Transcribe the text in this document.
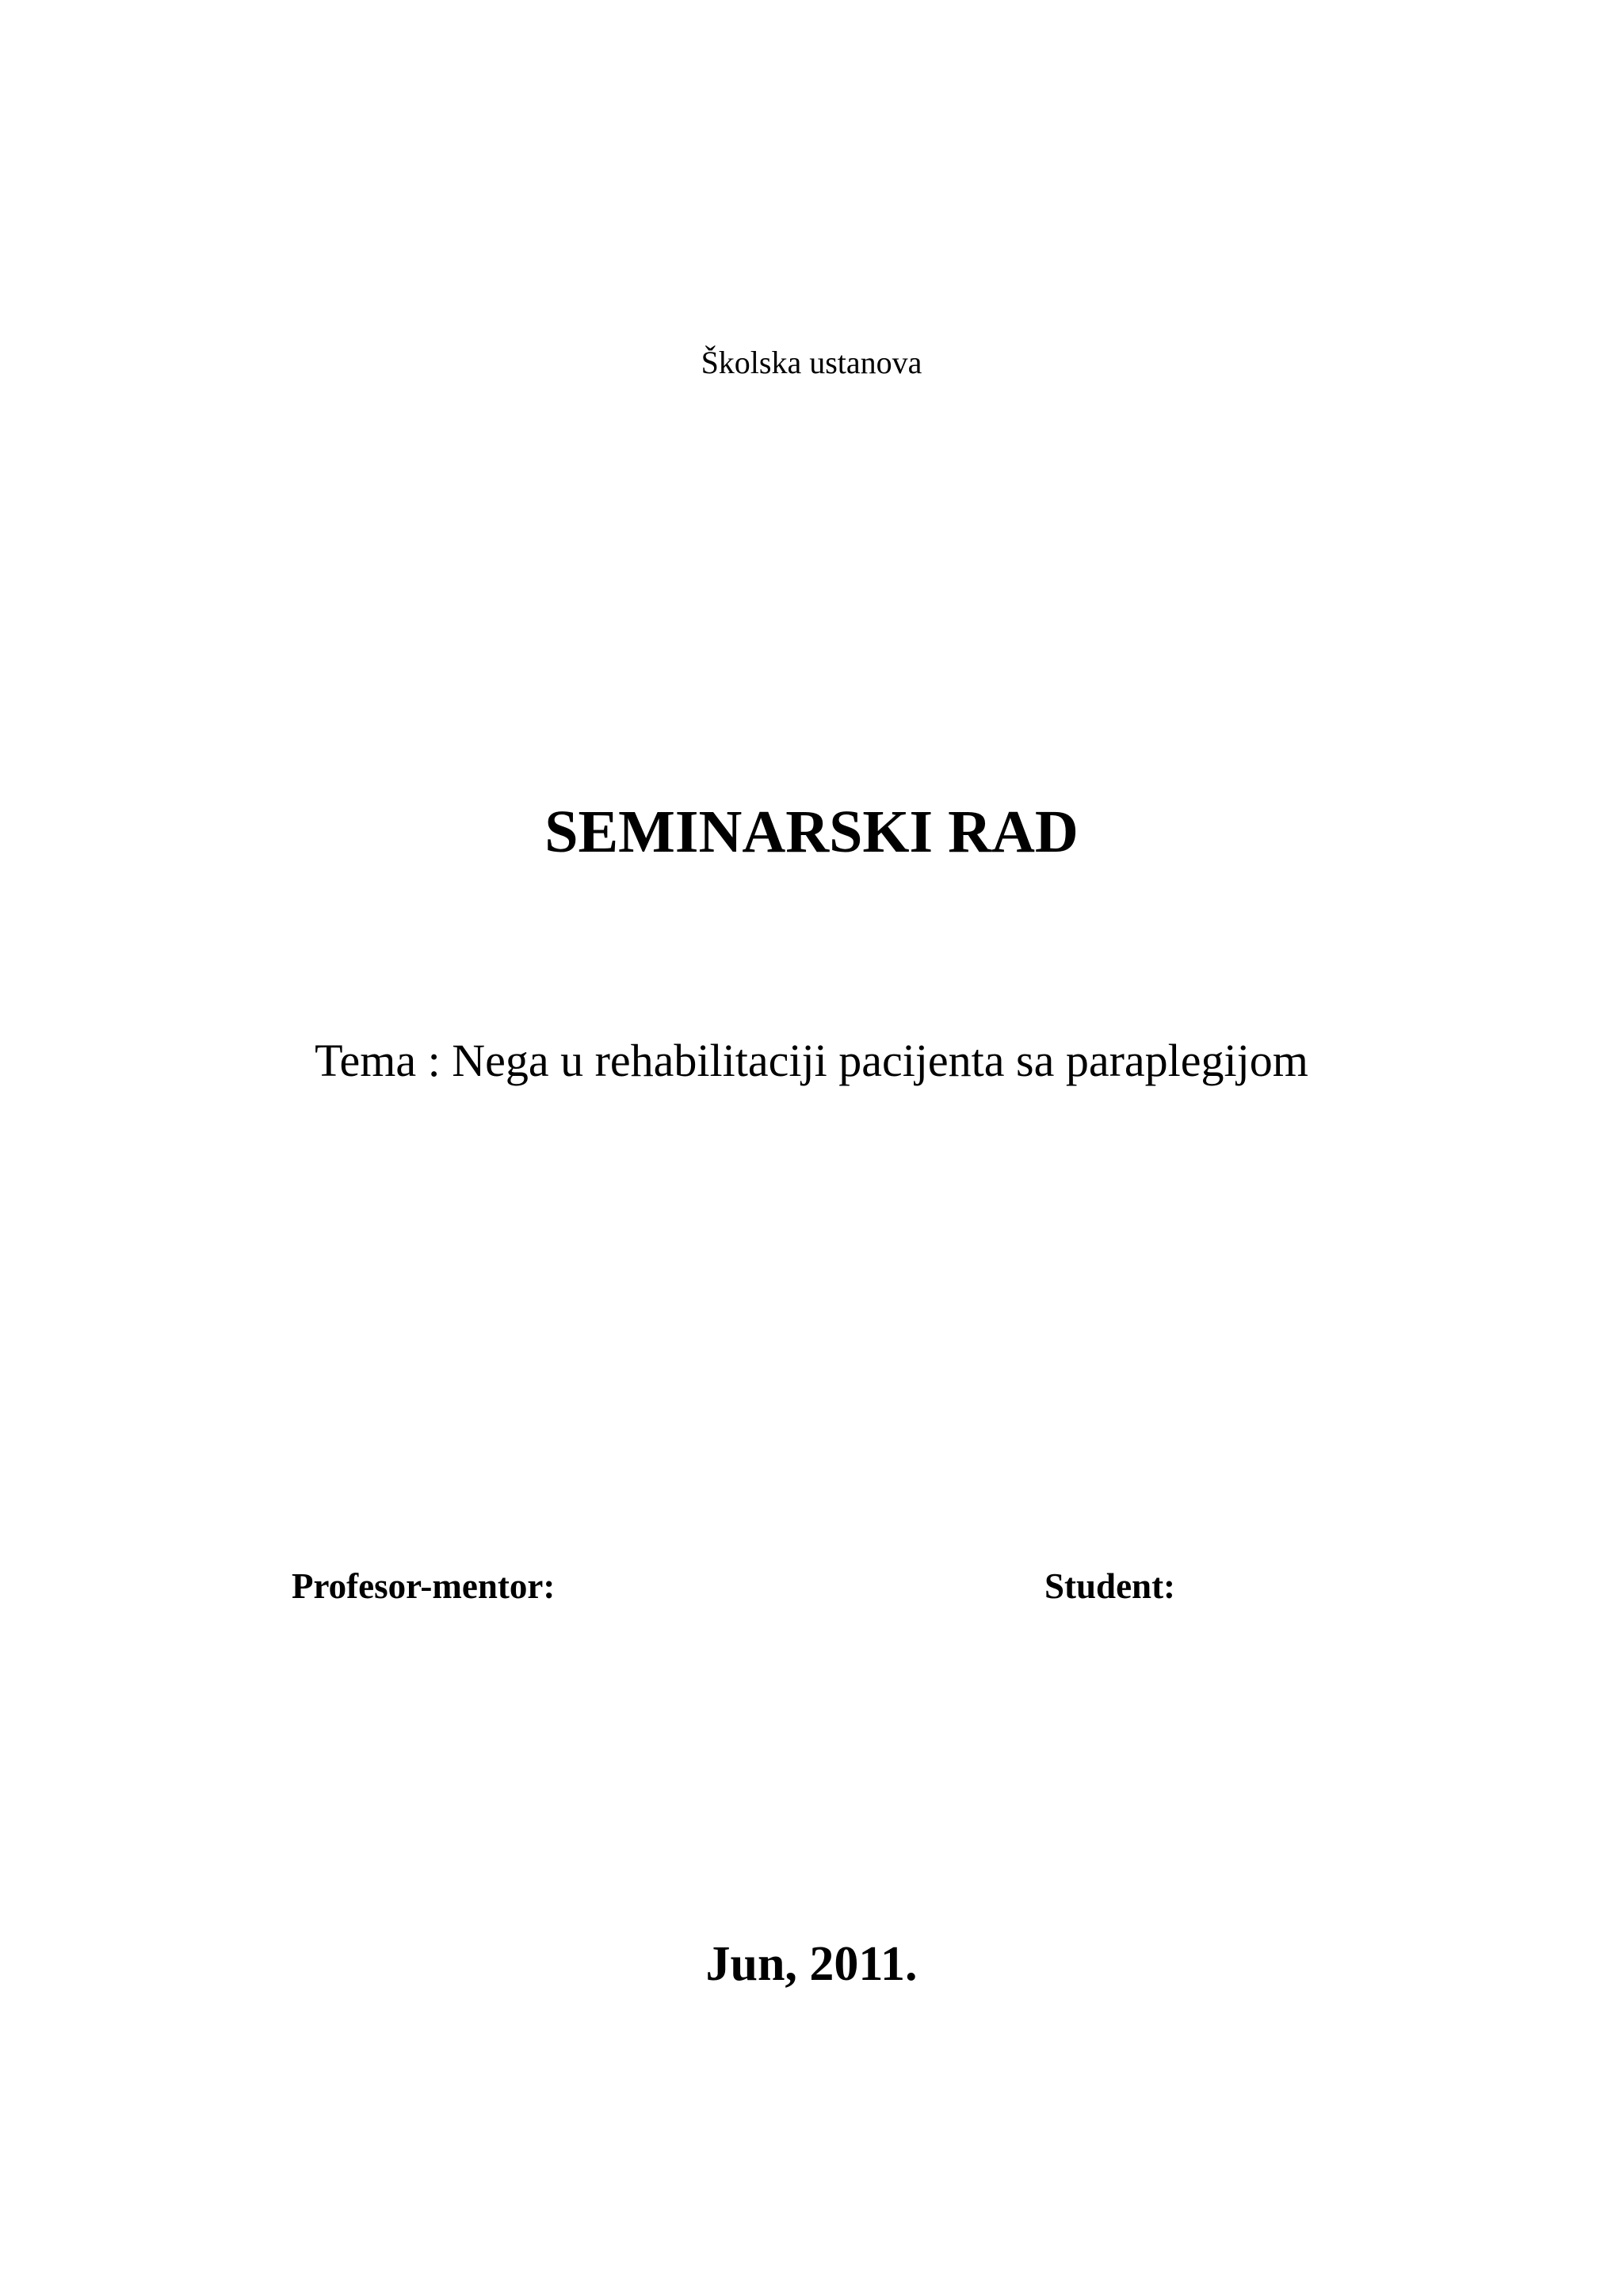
Školska ustanova
SEMINARSKI RAD
Tema : Nega u rehabilitaciji pacijenta sa paraplegijom
Profesor-mentor:	Student:
Jun, 2011.
